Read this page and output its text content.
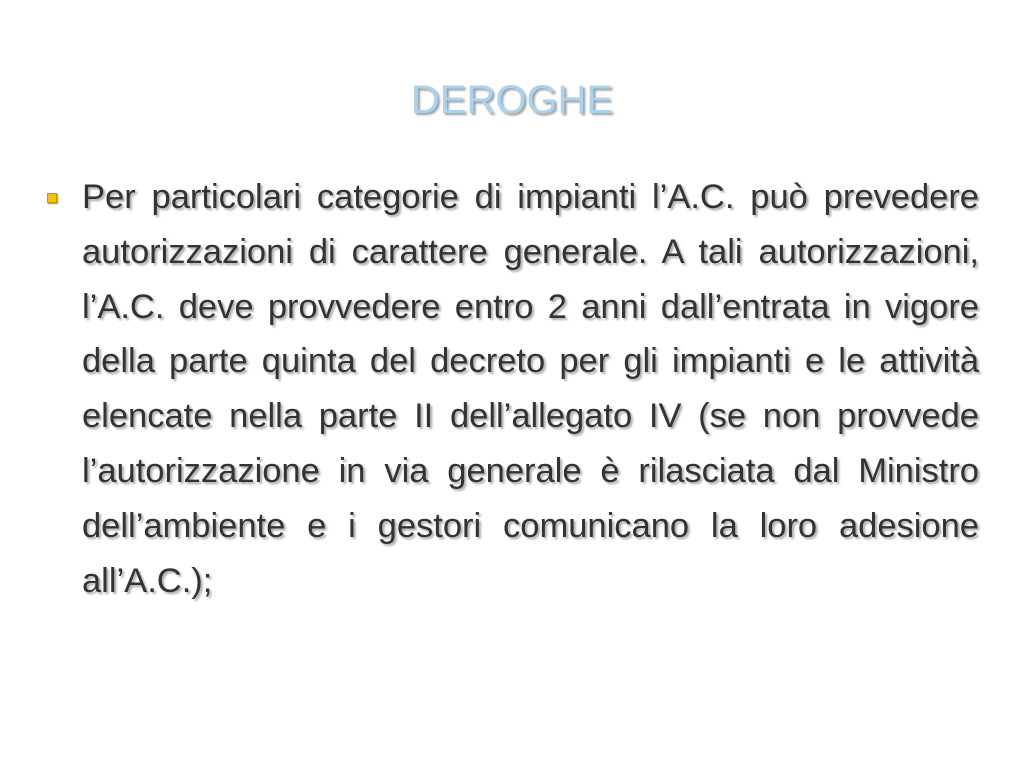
DEROGHE

Per particolari categorie di impianti l’A.C. può prevedere autorizzazioni di carattere generale. A tali autorizzazioni, l’A.C. deve provvedere entro 2 anni dall’entrata in vigore della parte quinta del decreto per gli impianti e le attività elencate nella parte II dell’allegato IV (se non provvede l’autorizzazione in via generale è rilasciata dal Ministro dell’ambiente e i gestori comunicano la loro adesione all’A.C.);
